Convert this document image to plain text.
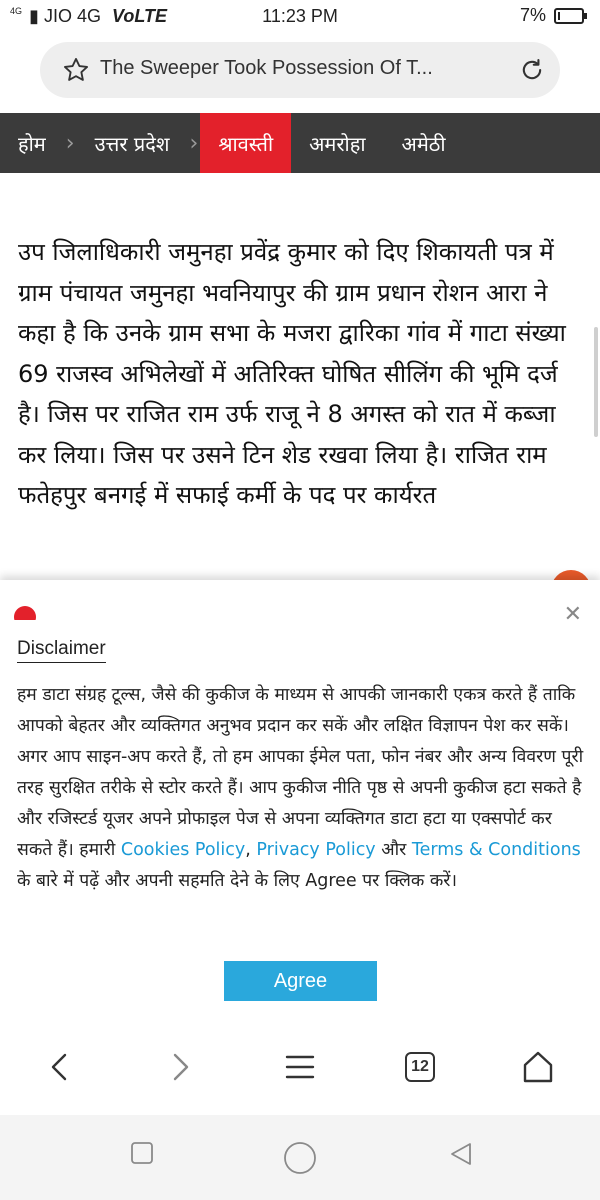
$^{4G}$ ▮ JIO 4G VoLTE	11:23 PM	7%
The Sweeper Took Possession Of T...
होम ›	उत्तर प्रदेश ›	श्रावस्ती	अमरोहा	अमेठी
उप जिलाधिकारी जमुनहा प्रवेंद्र कुमार को दिए शिकायती पत्र में ग्राम पंचायत जमुनहा भवनियापुर की ग्राम प्रधान रोशन आरा ने कहा है कि उनके ग्राम सभा के मजरा द्वारिका गांव में गाटा संख्या 69 राजस्व अभिलेखों में अतिरिक्त घोषित सीलिंग की भूमि दर्ज है। जिस पर राजित राम उर्फ राजू ने 8 अगस्त को रात में कब्जा कर लिया। जिस पर उसने टिन शेड रखवा लिया है। राजित राम फतेहपुर बनगई में सफाई कर्मी के पद पर कार्यरत
✕
Disclaimer
हम डाटा संग्रह टूल्स, जैसे की कुकीज के माध्यम से आपकी जानकारी एकत्र करते हैं ताकि आपको बेहतर और व्यक्तिगत अनुभव प्रदान कर सकें और लक्षित विज्ञापन पेश कर सकें। अगर आप साइन-अप करते हैं, तो हम आपका ईमेल पता, फोन नंबर और अन्य विवरण पूरी तरह सुरक्षित तरीके से स्टोर करते हैं। आप कुकीज नीति पृष्ठ से अपनी कुकीज हटा सकते है और रजिस्टर्ड यूजर अपने प्रोफाइल पेज से अपना व्यक्तिगत डाटा हटा या एक्सपोर्ट कर सकते हैं। हमारी Cookies Policy, Privacy Policy और Terms & Conditions के बारे में पढ़ें और अपनी सहमति देने के लिए Agree पर क्लिक करें।
Agree
12
